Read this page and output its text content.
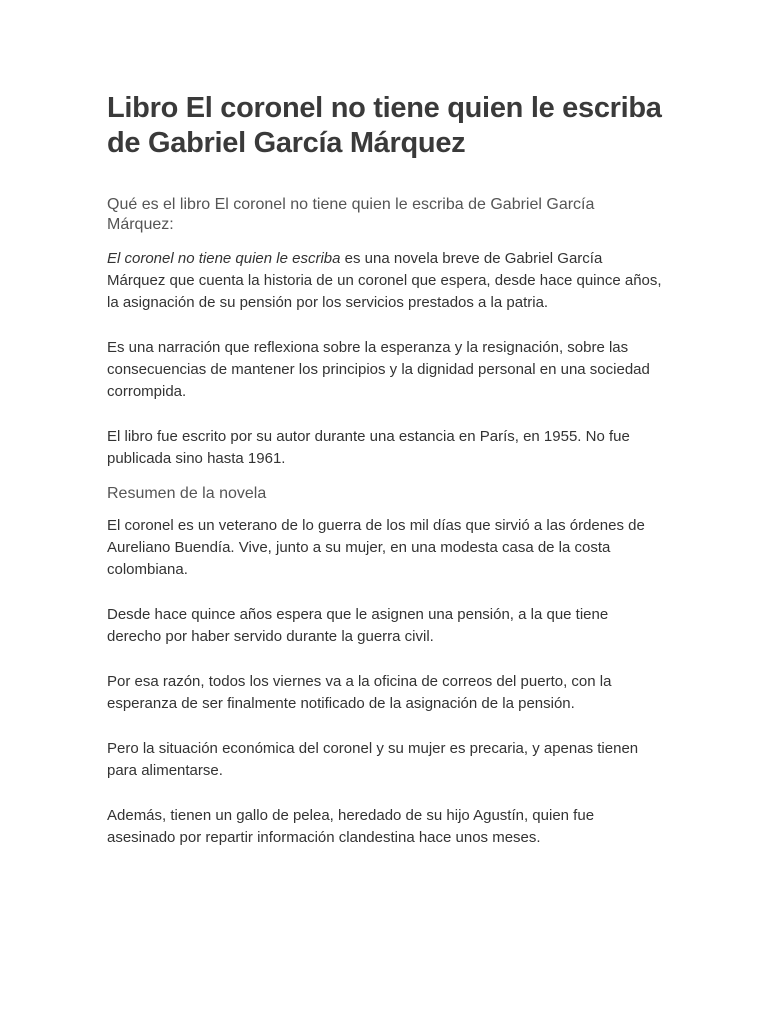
Libro El coronel no tiene quien le escriba de Gabriel García Márquez
Qué es el libro El coronel no tiene quien le escriba de Gabriel García Márquez:

El coronel no tiene quien le escriba es una novela breve de Gabriel García Márquez que cuenta la historia de un coronel que espera, desde hace quince años, la asignación de su pensión por los servicios prestados a la patria.

Es una narración que reflexiona sobre la esperanza y la resignación, sobre las consecuencias de mantener los principios y la dignidad personal en una sociedad corrompida.

El libro fue escrito por su autor durante una estancia en París, en 1955. No fue publicada sino hasta 1961.

Resumen de la novela

El coronel es un veterano de lo guerra de los mil días que sirvió a las órdenes de Aureliano Buendía. Vive, junto a su mujer, en una modesta casa de la costa colombiana.

Desde hace quince años espera que le asignen una pensión, a la que tiene derecho por haber servido durante la guerra civil.

Por esa razón, todos los viernes va a la oficina de correos del puerto, con la esperanza de ser finalmente notificado de la asignación de la pensión.

Pero la situación económica del coronel y su mujer es precaria, y apenas tienen para alimentarse.

Además, tienen un gallo de pelea, heredado de su hijo Agustín, quien fue asesinado por repartir información clandestina hace unos meses.
